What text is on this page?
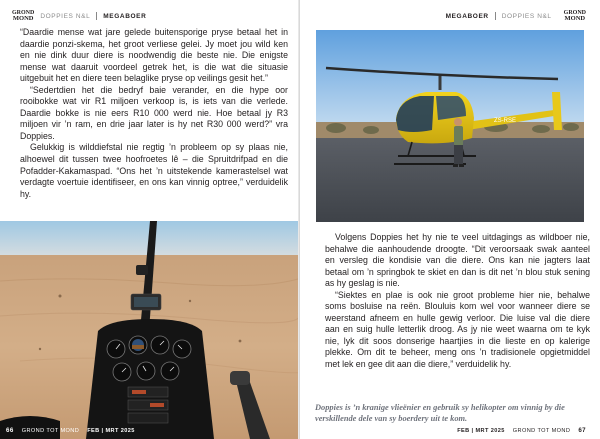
GROND
MOND DOPPIES N&L MEGABOER

“Daardie mense wat jare gelede buitensporige pryse betaal het in daardie ponzi-skema, het groot verliese gelei. Jy moet jou wild ken en nie dink duur diere is noodwendig die beste nie. Die enigste mense wat daaruit voordeel getrek het, is die wat die situasie uitgebuit het en diere teen belaglike pryse op veilings gesit het.”

“Sedertdien het die bedryf baie verander, en die hype oor rooibokke wat vir R1 miljoen verkoop is, is iets van die verlede. Daardie bokke is nie eers R10 000 werd nie. Hoe betaal jy R3 miljoen vir ’n ram, en drie jaar later is hy net R30 000 werd?” vra Doppies.

Gelukkig is wilddiefstal nie regtig ’n probleem op sy plaas nie, alhoewel dit tussen twee hoofroetes lê – die Spruitdrifpad en die Pofadder-Kakamaspad. “Ons het ’n uitstekende kamerastelsel wat verdagte voertuie identifiseer, en ons kan vinnig optree,” verduidelik hy.

66 GROND TOT MOND FEB | MRT 2025
MEGABOER DOPPIES N&L GROND
MOND
FEB | MRT 2025 GROND TOT MOND 67
ZS-RSE

Volgens Doppies het hy nie te veel uitdagings as wildboer nie, behalwe die aanhoudende droogte. “Dit veroorsaak swak aanteel en versleg die kondisie van die diere. Ons kan nie jagters laat betaal om ’n springbok te skiet en dan is dit net ’n blou stuk sening as hy geslag is nie.

“Siektes en plae is ook nie groot probleme hier nie, behalwe soms bosluise na reën. Blouluis kom wel voor wanneer diere se weerstand afneem en hulle gewig verloor. Die luise val die diere aan en suig hulle letterlik droog. As jy nie weet waarna om te kyk nie, lyk dit soos donserige haartjies in die lieste en op kalerige plekke. Om dit te beheer, meng ons ’n tradisionele opgietmiddel met lek en gee dit aan die diere,” verduidelik hy.

Doppies is ’n kranige vlieënier en gebruik sy helikopter om vinnig by die verskillende dele van sy boerdery uit te kom.
